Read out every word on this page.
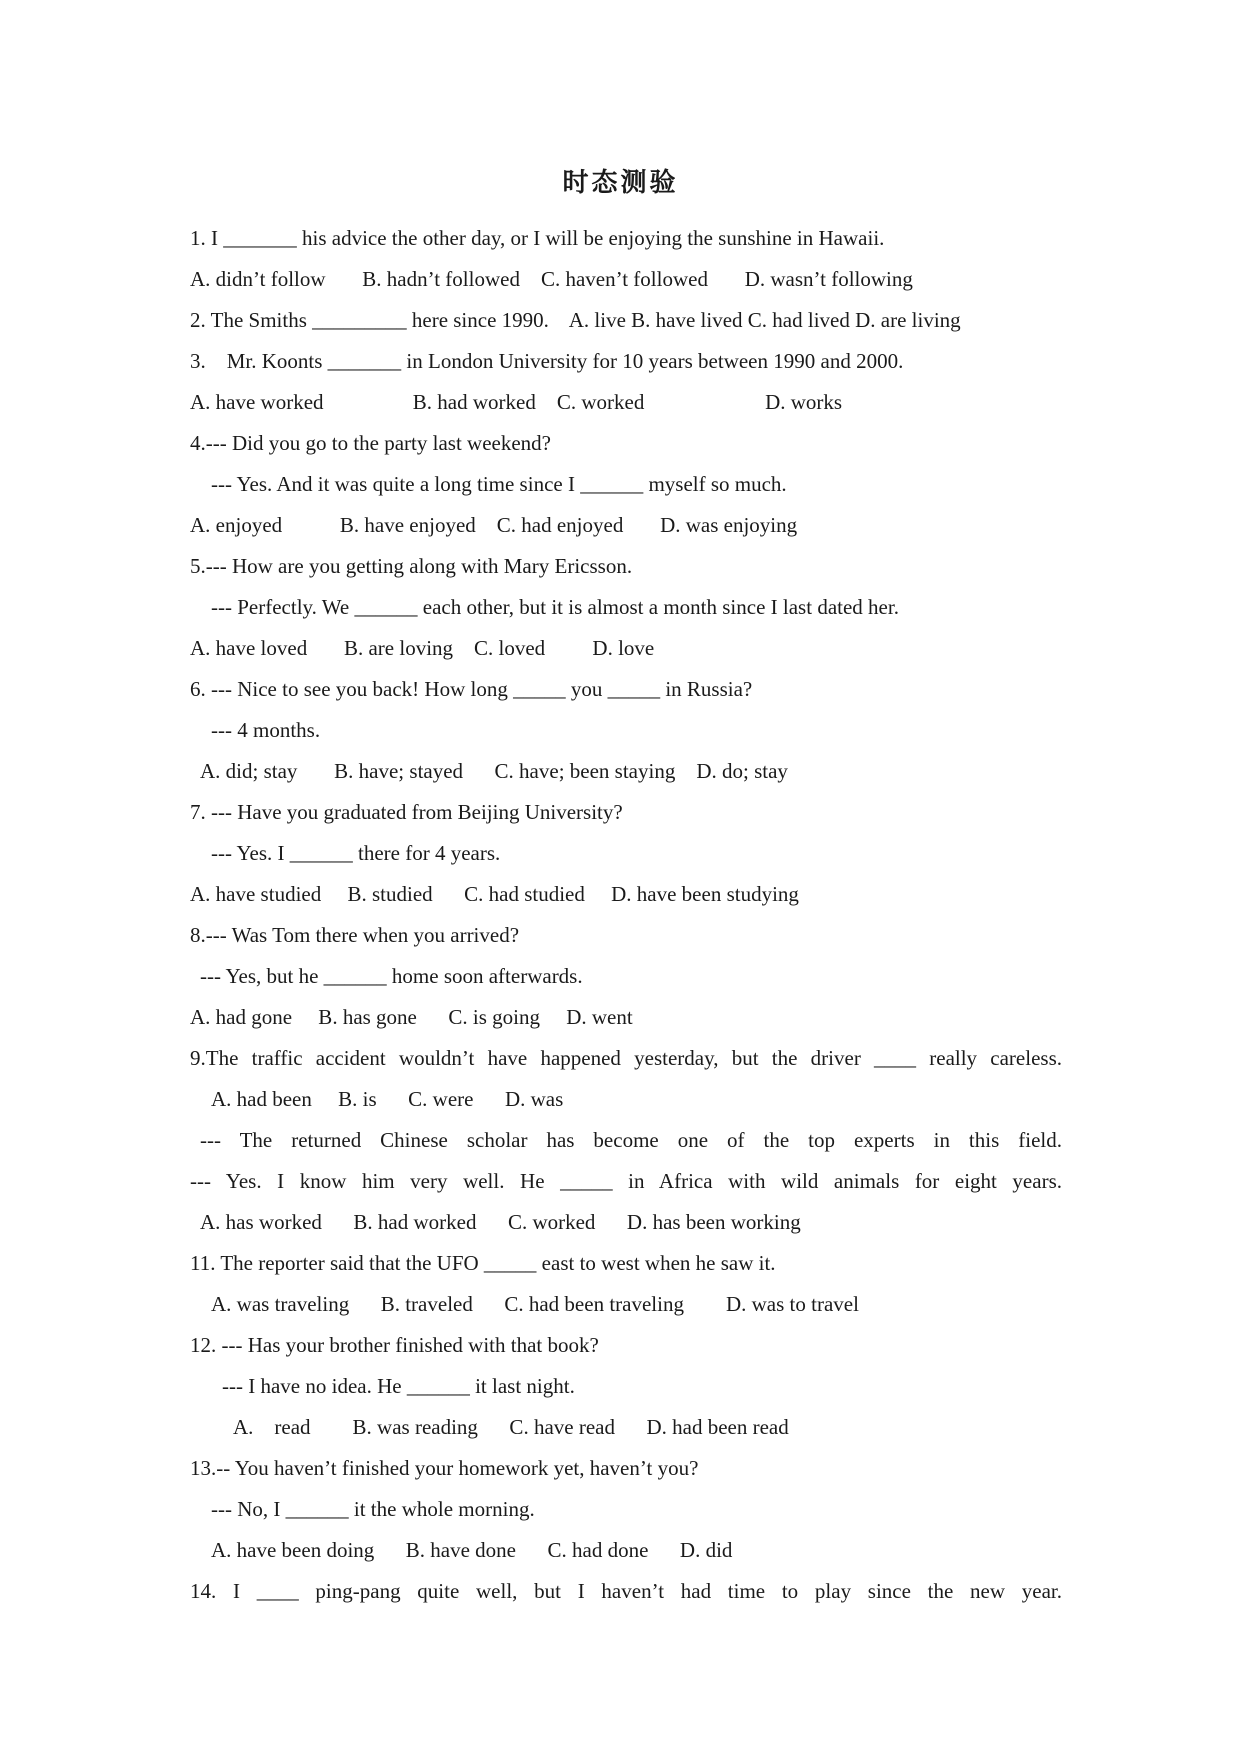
时态测验
1. I _______ his advice the other day, or I will be enjoying the sunshine in Hawaii.
A. didn’t follow       B. hadn’t followed    C. haven’t followed       D. wasn’t following
2. The Smiths _________ here since 1990.    A. live B. have lived C. had lived D. are living
3.    Mr. Koonts _______ in London University for 10 years between 1990 and 2000.
A. have worked                 B. had worked    C. worked                       D. works
4.--- Did you go to the party last weekend?
--- Yes. And it was quite a long time since I ______ myself so much.
A. enjoyed           B. have enjoyed    C. had enjoyed       D. was enjoying
5.--- How are you getting along with Mary Ericsson.
--- Perfectly. We ______ each other, but it is almost a month since I last dated her.
A. have loved       B. are loving    C. loved         D. love
6. --- Nice to see you back! How long _____ you _____ in Russia?
--- 4 months.
A. did; stay       B. have; stayed      C. have; been staying    D. do; stay
7. --- Have you graduated from Beijing University?
--- Yes. I ______ there for 4 years.
A. have studied     B. studied      C. had studied     D. have been studying
8.--- Was Tom there when you arrived?
--- Yes, but he ______ home soon afterwards.
A. had gone     B. has gone      C. is going     D. went
9.The traffic accident wouldn’t have happened yesterday, but the driver ____ really careless.
A. had been     B. is      C. were      D. was
--- The returned Chinese scholar has become one of the top experts in this field.
--- Yes. I know him very well. He _____ in Africa with wild animals for eight years.
A. has worked      B. had worked      C. worked      D. has been working
11. The reporter said that the UFO _____ east to west when he saw it.
A. was traveling      B. traveled      C. had been traveling        D. was to travel
12. --- Has your brother finished with that book?
--- I have no idea. He ______ it last night.
A.    read        B. was reading      C. have read      D. had been read
13.-- You haven’t finished your homework yet, haven’t you?
--- No, I ______ it the whole morning.
A. have been doing      B. have done      C. had done      D. did
14. I ____ ping-pang quite well, but I haven’t had time to play since the new year.
